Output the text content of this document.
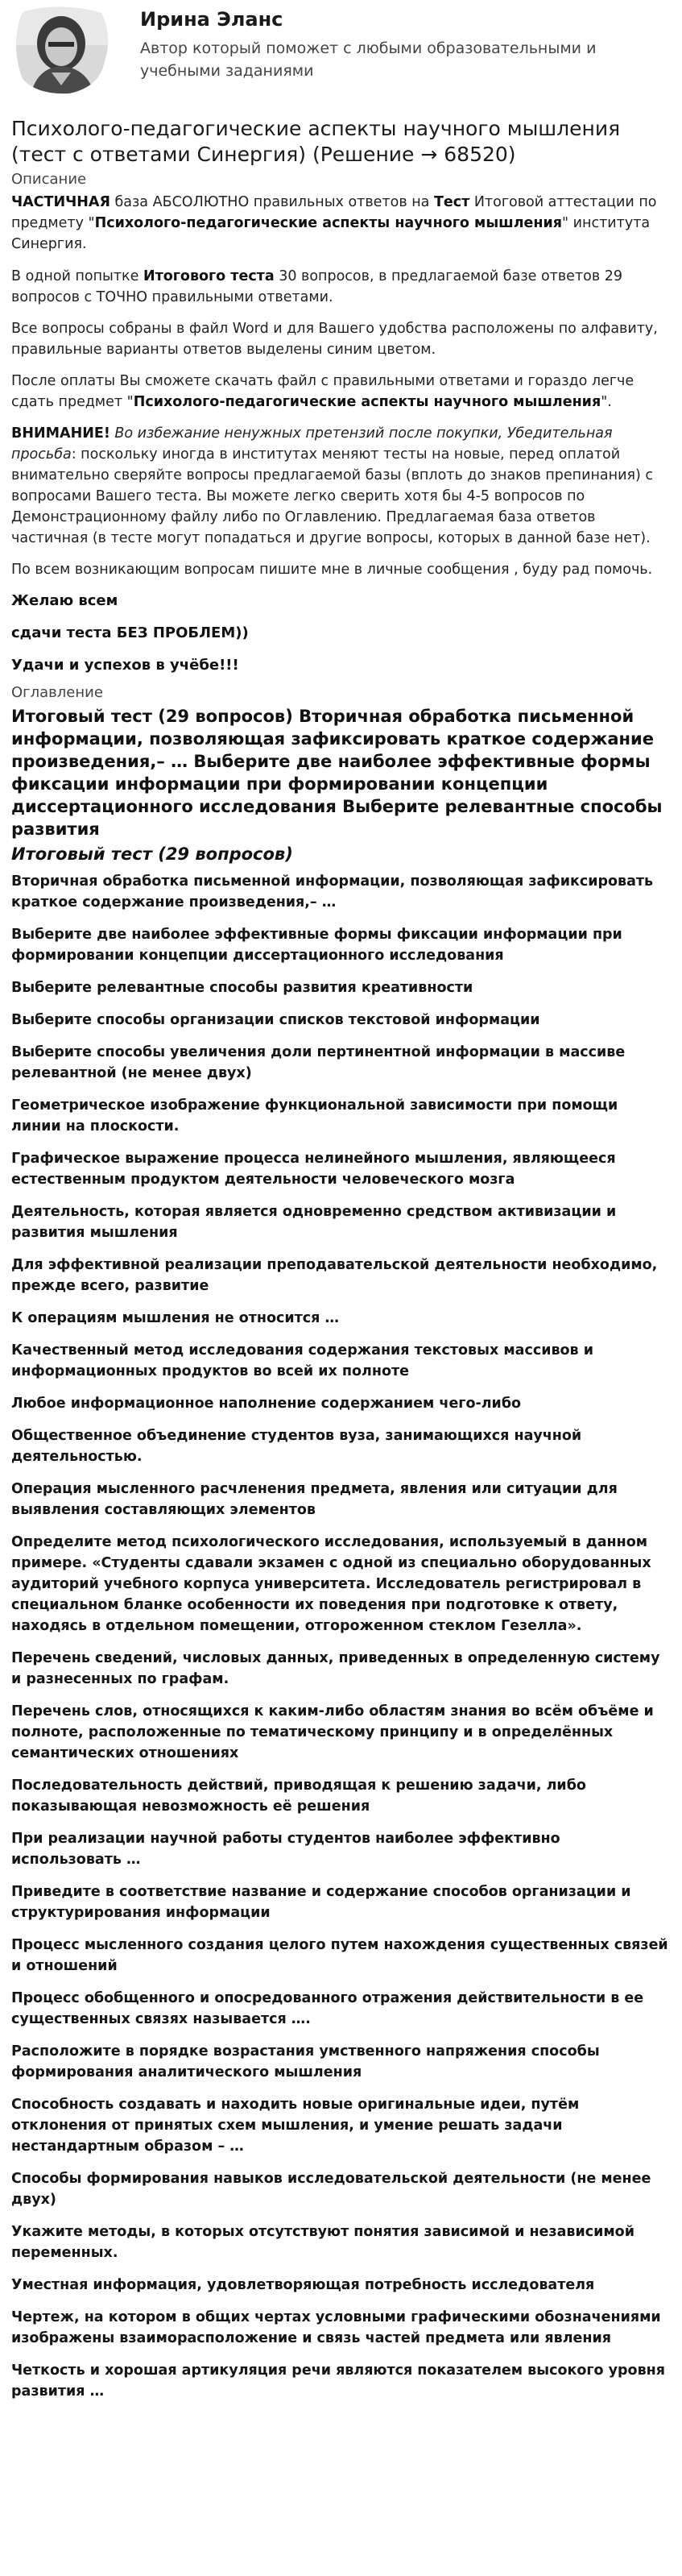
Ирина Эланс
Автор который поможет с любыми образовательными и учебными заданиями
Психолого-педагогические аспекты научного мышления (тест с ответами Синергия) (Решение → 68520)
Описание
ЧАСТИЧНАЯ база АБСОЛЮТНО правильных ответов на Тест Итоговой аттестации по предмету "Психолого-педагогические аспекты научного мышления" института Синергия.
В одной попытке Итогового теста 30 вопросов, в предлагаемой базе ответов 29 вопросов с ТОЧНО правильными ответами.
Все вопросы собраны в файл Word и для Вашего удобства расположены по алфавиту, правильные варианты ответов выделены синим цветом.
После оплаты Вы сможете скачать файл с правильными ответами и гораздо легче сдать предмет "Психолого-педагогические аспекты научного мышления".
ВНИМАНИЕ! Во избежание ненужных претензий после покупки, Убедительная просьба: поскольку иногда в институтах меняют тесты на новые, перед оплатой внимательно сверяйте вопросы предлагаемой базы (вплоть до знаков препинания) с вопросами Вашего теста. Вы можете легко сверить хотя бы 4-5 вопросов по Демонстрационному файлу либо по Оглавлению. Предлагаемая база ответов частичная (в тесте могут попадаться и другие вопросы, которых в данной базе нет).
По всем возникающим вопросам пишите мне в личные сообщения , буду рад помочь.
Желаю всем
сдачи теста БЕЗ ПРОБЛЕМ))
Удачи и успехов в учёбе!!!
Оглавление
Итоговый тест (29 вопросов) Вторичная обработка письменной информации, позволяющая зафиксировать краткое содержание произведения,– … Выберите две наиболее эффективные формы фиксации информации при формировании концепции диссертационного исследования Выберите релевантные способы развития
Итоговый тест (29 вопросов)
Вторичная обработка письменной информации, позволяющая зафиксировать краткое содержание произведения,– …
Выберите две наиболее эффективные формы фиксации информации при формировании концепции диссертационного исследования
Выберите релевантные способы развития креативности
Выберите способы организации списков текстовой информации
Выберите способы увеличения доли пертинентной информации в массиве релевантной (не менее двух)
Геометрическое изображение функциональной зависимости при помощи линии на плоскости.
Графическое выражение процесса нелинейного мышления, являющееся естественным продуктом деятельности человеческого мозга
Деятельность, которая является одновременно средством активизации и развития мышления
Для эффективной реализации преподавательской деятельности необходимо, прежде всего, развитие
К операциям мышления не относится …
Качественный метод исследования содержания текстовых массивов и информационных продуктов во всей их полноте
Любое информационное наполнение содержанием чего-либо
Общественное объединение студентов вуза, занимающихся научной деятельностью.
Операция мысленного расчленения предмета, явления или ситуации для выявления составляющих элементов
Определите метод психологического исследования, используемый в данном примере. «Студенты сдавали экзамен с одной из специально оборудованных аудиторий учебного корпуса университета. Исследователь регистрировал в специальном бланке особенности их поведения при подготовке к ответу, находясь в отдельном помещении, отгороженном стеклом Гезелла».
Перечень сведений, числовых данных, приведенных в определенную систему и разнесенных по графам.
Перечень слов, относящихся к каким-либо областям знания во всём объёме и полноте, расположенные по тематическому принципу и в определённых семантических отношениях
Последовательность действий, приводящая к решению задачи, либо показывающая невозможность её решения
При реализации научной работы студентов наиболее эффективно использовать …
Приведите в соответствие название и содержание способов организации и структурирования информации
Процесс мысленного создания целого путем нахождения существенных связей и отношений
Процесс обобщенного и опосредованного отражения действительности в ее существенных связях называется ….
Расположите в порядке возрастания умственного напряжения способы формирования аналитического мышления
Способность создавать и находить новые оригинальные идеи, путём отклонения от принятых схем мышления, и умение решать задачи нестандартным образом – …
Способы формирования навыков исследовательской деятельности (не менее двух)
Укажите методы, в которых отсутствуют понятия зависимой и независимой переменных.
Уместная информация, удовлетворяющая потребность исследователя
Чертеж, на котором в общих чертах условными графическими обозначениями изображены взаиморасположение и связь частей предмета или явления
Четкость и хорошая артикуляция речи являются показателем высокого уровня развития …
